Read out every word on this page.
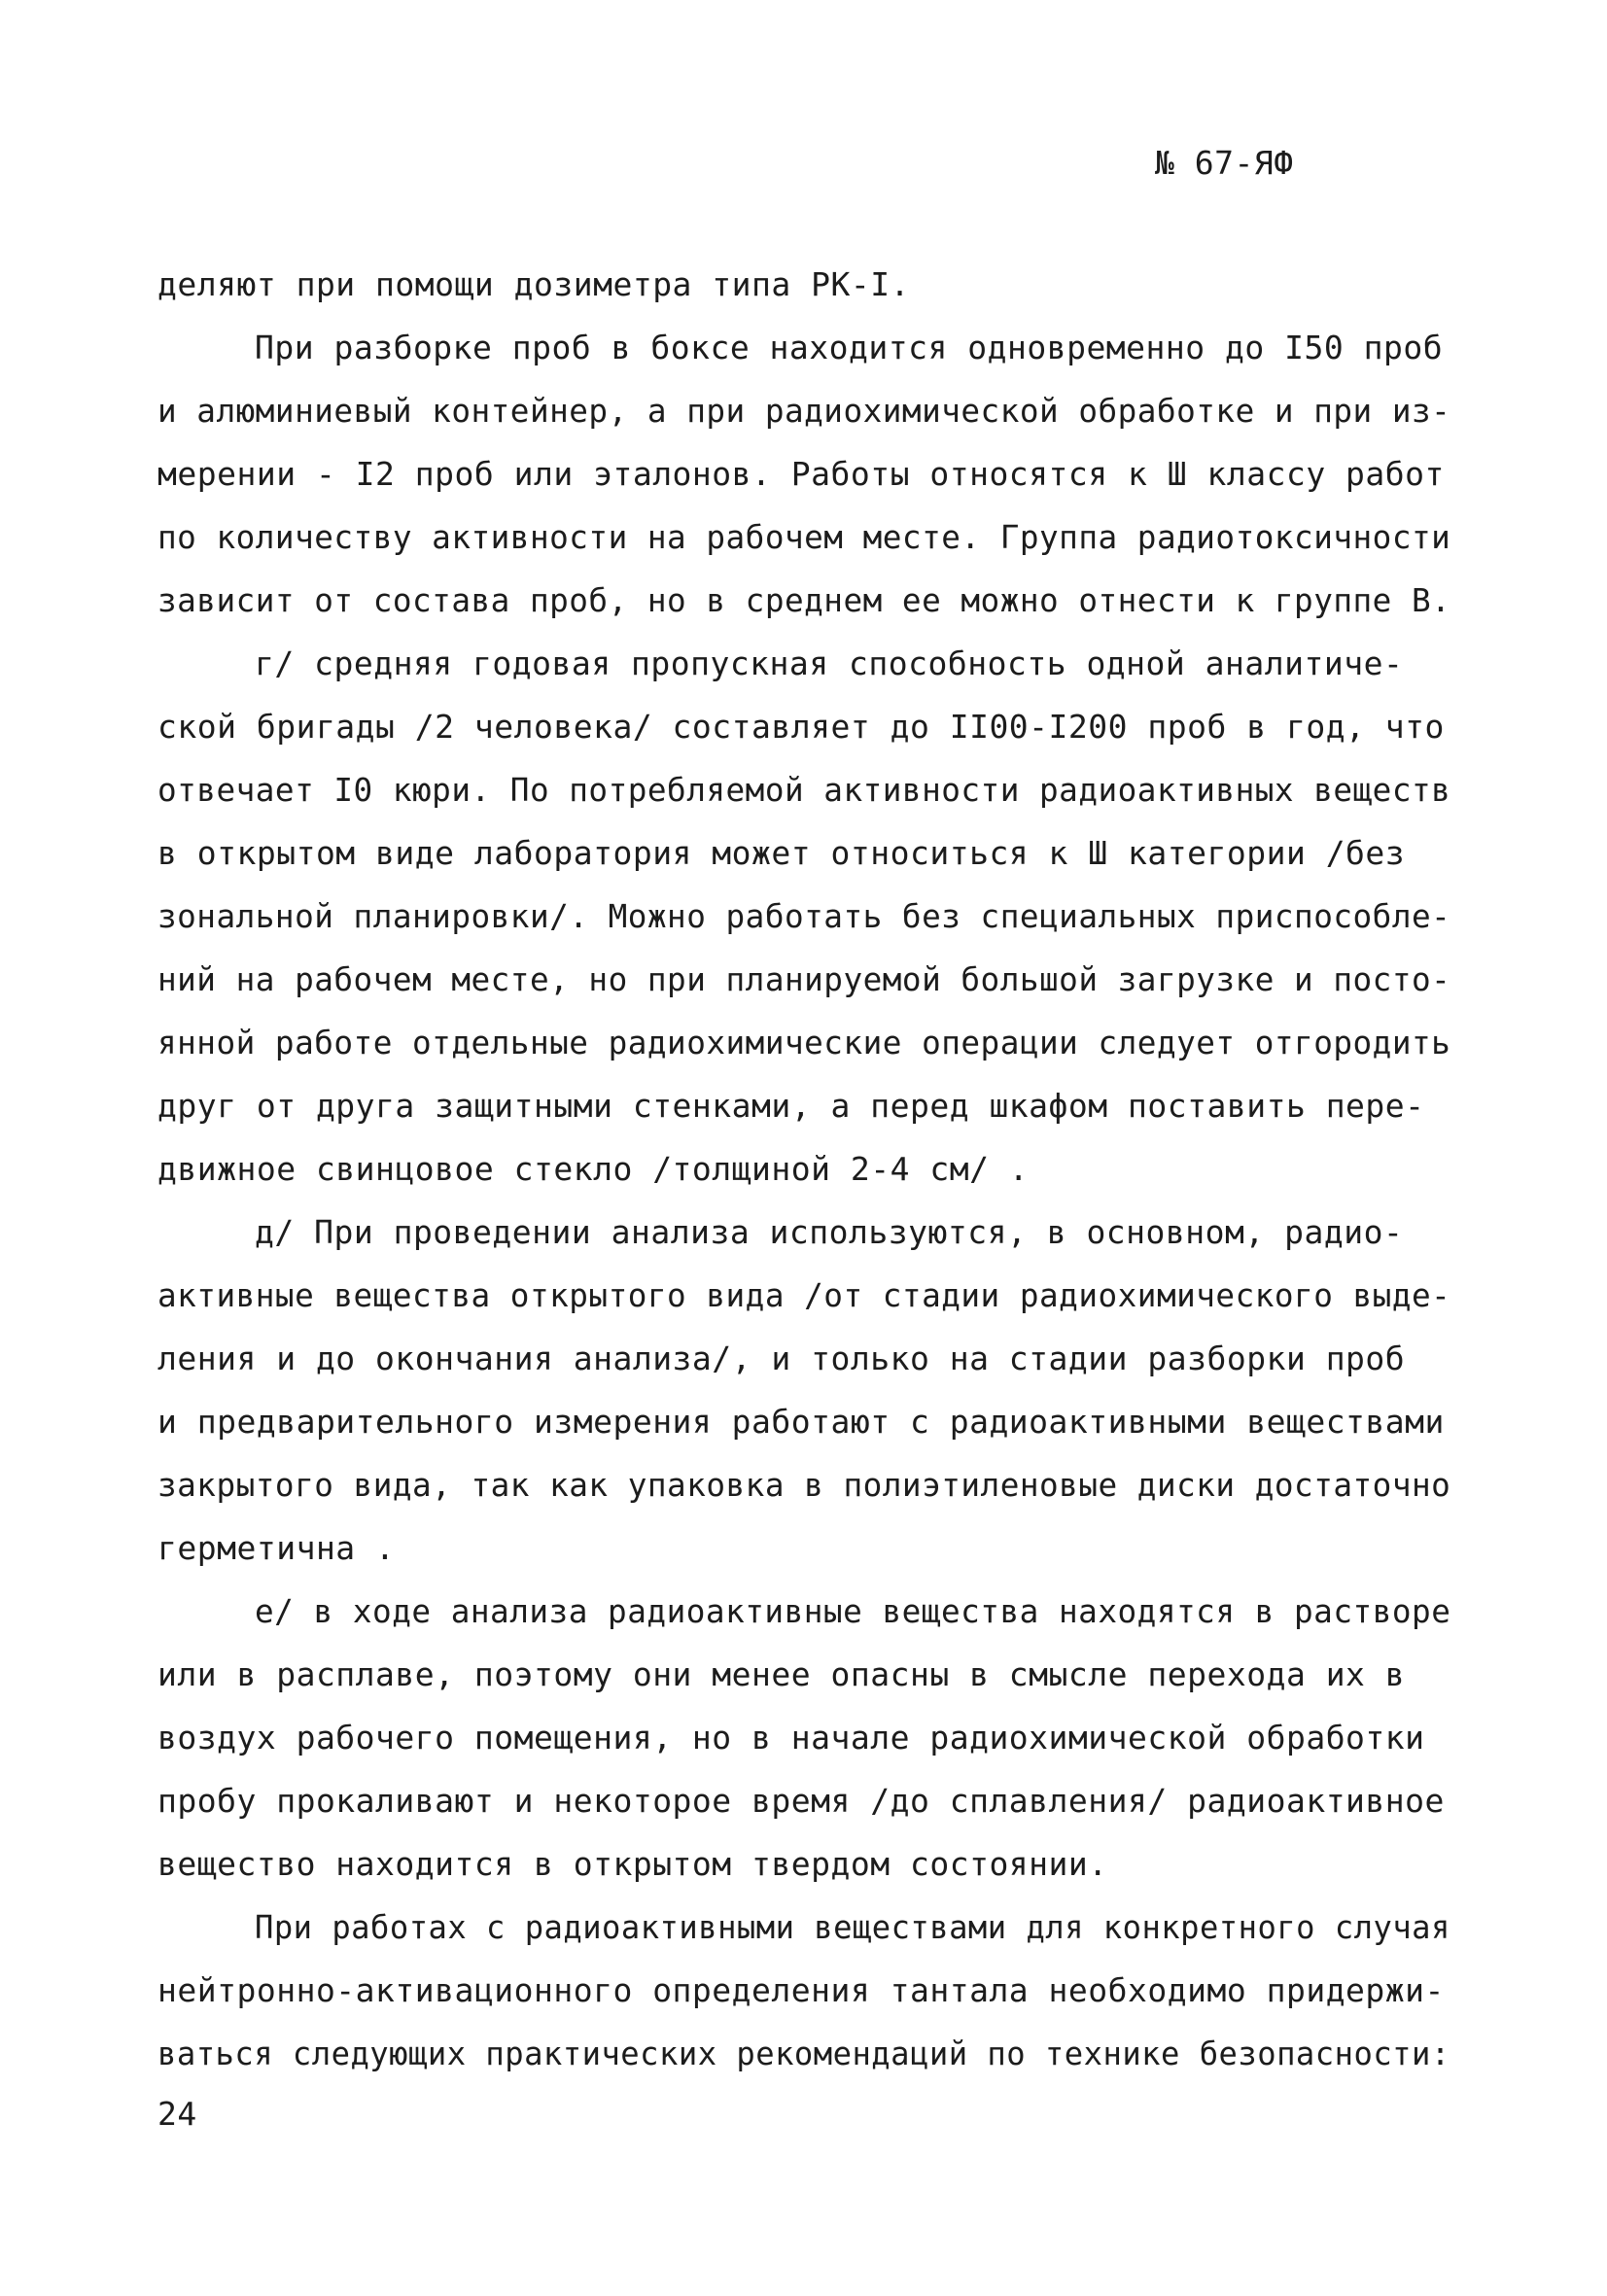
№ 67-ЯФ
деляют при помощи дозиметра типа РК-I.
При разборке проб в боксе находится одновременно до I50 проб
и алюминиевый контейнер, а при радиохимической обработке и при из-
мерении - I2 проб или эталонов. Работы относятся к Ш классу работ
по количеству активности на рабочем месте. Группа радиотоксичности
зависит от состава проб, но в среднем ее можно отнести к группе В.
г/ средняя годовая пропускная способность одной аналитиче-
ской бригады /2 человека/ составляет до II00-I200 проб в год, что
отвечает I0 кюри. По потребляемой активности радиоактивных веществ
в открытом виде лаборатория может относиться к Ш категории /без
зональной планировки/. Можно работать без специальных приспособле-
ний на рабочем месте, но при планируемой большой загрузке и посто-
янной работе отдельные радиохимические операции следует отгородить
друг от друга защитными стенками, а перед шкафом поставить пере-
движное свинцовое стекло /толщиной 2-4 см/ .
д/ При проведении анализа используются, в основном, радио-
активные вещества открытого вида /от стадии радиохимического выде-
ления и до окончания анализа/, и только на стадии разборки проб
и предварительного измерения работают с радиоактивными веществами
закрытого вида, так как упаковка в полиэтиленовые диски достаточно
герметична .
е/ в ходе анализа радиоактивные вещества находятся в растворе
или в расплаве, поэтому они менее опасны в смысле перехода их в
воздух рабочего помещения, но в начале радиохимической обработки
пробу прокаливают и некоторое время /до сплавления/ радиоактивное
вещество находится в открытом твердом состоянии.
При работах с радиоактивными веществами для конкретного случая
нейтронно-активационного определения тантала необходимо придержи-
ваться следующих практических рекомендаций по технике безопасности:
24
